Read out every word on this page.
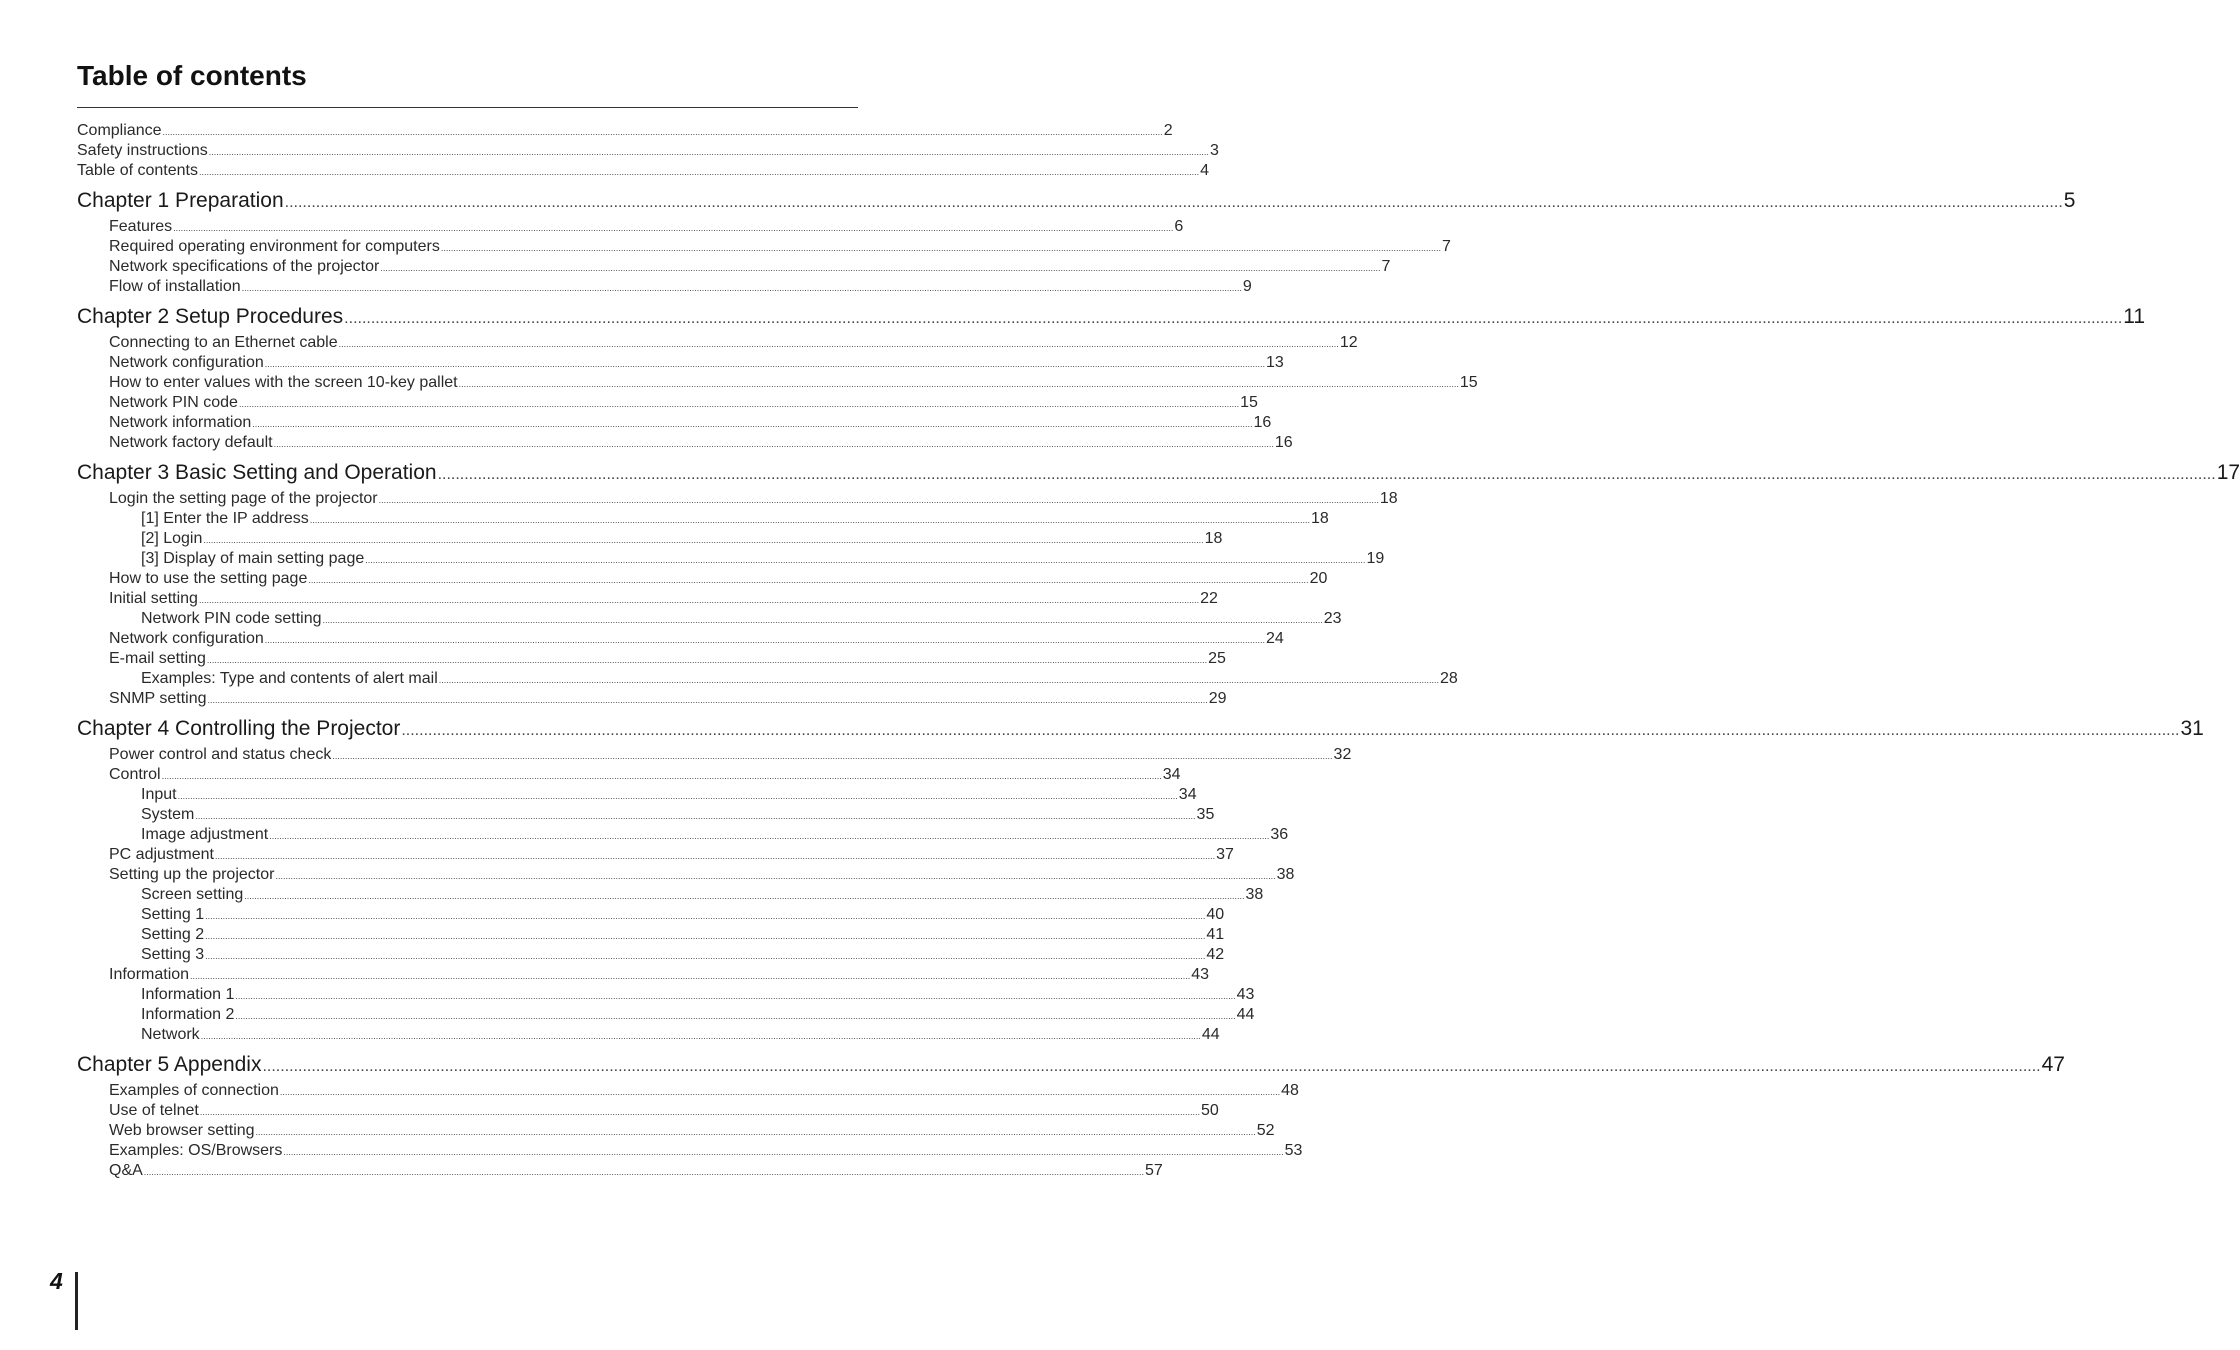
Table of contents
Compliance ................................................................................................................................................................................................................................................................................................................................................................................................................ 2
Safety instructions ................................................................................................................................................................................................................................................................................................................................................................................................................ 3
Table of contents ................................................................................................................................................................................................................................................................................................................................................................................................................ 4
Chapter 1 Preparation ................................................................................................................................................................................................................................................................................................................................................................................................................ 5
Features ................................................................................................................................................................................................................................................................................................................................................................................................................ 6
Required operating environment for computers ................................................................................................................................................................................................................................................................................................................................................................................................................ 7
Network specifications of the projector ................................................................................................................................................................................................................................................................................................................................................................................................................ 7
Flow of installation ................................................................................................................................................................................................................................................................................................................................................................................................................ 9
Chapter 2 Setup Procedures ................................................................................................................................................................................................................................................................................................................................................................................................................ 11
Connecting to an Ethernet cable ................................................................................................................................................................................................................................................................................................................................................................................................................ 12
Network configuration ................................................................................................................................................................................................................................................................................................................................................................................................................ 13
How to enter values with the screen 10-key pallet ................................................................................................................................................................................................................................................................................................................................................................................................................ 15
Network PIN code ................................................................................................................................................................................................................................................................................................................................................................................................................ 15
Network information ................................................................................................................................................................................................................................................................................................................................................................................................................ 16
Network factory default ................................................................................................................................................................................................................................................................................................................................................................................................................ 16
Chapter 3 Basic Setting and Operation ................................................................................................................................................................................................................................................................................................................................................................................................................ 17
Login the setting page of the projector ................................................................................................................................................................................................................................................................................................................................................................................................................ 18
[1] Enter the IP address ................................................................................................................................................................................................................................................................................................................................................................................................................ 18
[2] Login ................................................................................................................................................................................................................................................................................................................................................................................................................ 18
[3] Display of main setting page ................................................................................................................................................................................................................................................................................................................................................................................................................ 19
How to use the setting page ................................................................................................................................................................................................................................................................................................................................................................................................................ 20
Initial setting ................................................................................................................................................................................................................................................................................................................................................................................................................ 22
Network PIN code setting ................................................................................................................................................................................................................................................................................................................................................................................................................ 23
Network configuration ................................................................................................................................................................................................................................................................................................................................................................................................................ 24
E-mail setting ................................................................................................................................................................................................................................................................................................................................................................................................................ 25
Examples: Type and contents of alert mail ................................................................................................................................................................................................................................................................................................................................................................................................................ 28
SNMP setting ................................................................................................................................................................................................................................................................................................................................................................................................................ 29
Chapter 4 Controlling the Projector ................................................................................................................................................................................................................................................................................................................................................................................................................ 31
Power control and status check ................................................................................................................................................................................................................................................................................................................................................................................................................ 32
Control ................................................................................................................................................................................................................................................................................................................................................................................................................ 34
Input ................................................................................................................................................................................................................................................................................................................................................................................................................ 34
System ................................................................................................................................................................................................................................................................................................................................................................................................................ 35
Image adjustment ................................................................................................................................................................................................................................................................................................................................................................................................................ 36
PC adjustment ................................................................................................................................................................................................................................................................................................................................................................................................................ 37
Setting up the projector ................................................................................................................................................................................................................................................................................................................................................................................................................ 38
Screen setting ................................................................................................................................................................................................................................................................................................................................................................................................................ 38
Setting 1 ................................................................................................................................................................................................................................................................................................................................................................................................................ 40
Setting 2 ................................................................................................................................................................................................................................................................................................................................................................................................................ 41
Setting 3 ................................................................................................................................................................................................................................................................................................................................................................................................................ 42
Information ................................................................................................................................................................................................................................................................................................................................................................................................................ 43
Information 1 ................................................................................................................................................................................................................................................................................................................................................................................................................ 43
Information 2 ................................................................................................................................................................................................................................................................................................................................................................................................................ 44
Network ................................................................................................................................................................................................................................................................................................................................................................................................................ 44
Chapter 5 Appendix ................................................................................................................................................................................................................................................................................................................................................................................................................ 47
Examples of connection ................................................................................................................................................................................................................................................................................................................................................................................................................ 48
Use of telnet ................................................................................................................................................................................................................................................................................................................................................................................................................ 50
Web browser setting ................................................................................................................................................................................................................................................................................................................................................................................................................ 52
Examples: OS/Browsers ................................................................................................................................................................................................................................................................................................................................................................................................................ 53
Q&A ................................................................................................................................................................................................................................................................................................................................................................................................................ 57
4
